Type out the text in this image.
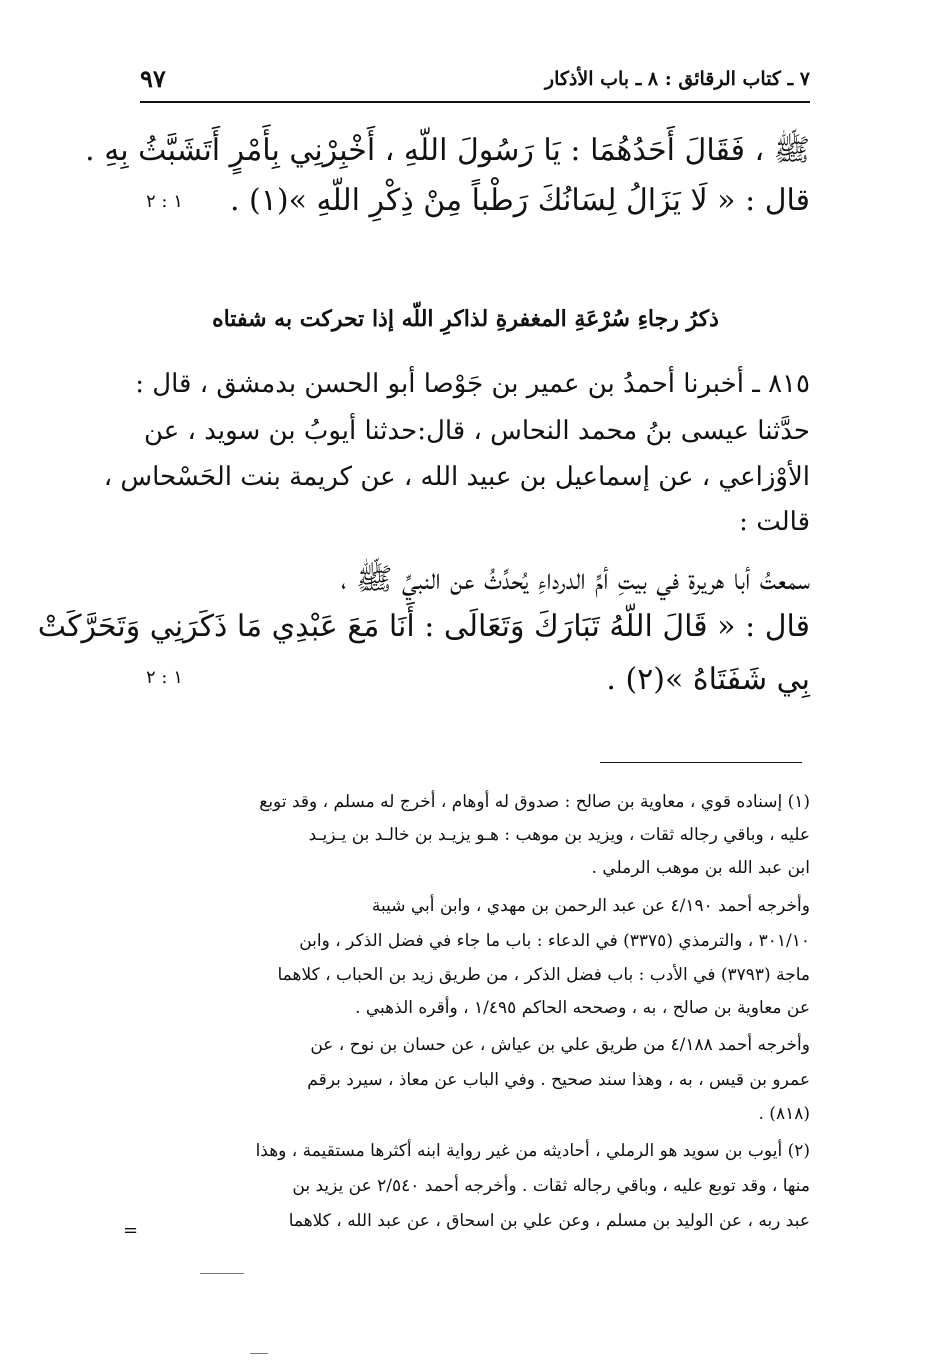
٧ ـ كتاب الرقائق : ٨ ـ باب الأذكار
٩٧
ﷺ ، فَقَالَ أَحَدُهُمَا : يَا رَسُولَ اللّهِ ، أَخْبِرْنِي بِأَمْرٍ أَتَشَبَّثُ بِهِ .
قال : « لَا يَزَالُ لِسَانُكَ رَطْباً مِنْ ذِكْرِ اللّهِ »(١) .
١ : ٢
ذكرُ رجاءِ سُرْعَةِ المغفرةِ لذاكرِ اللّه إذا تحركت به شفتاه
٨١٥ ـ أخبرنا أحمدُ بن عمير بن جَوْصا أبو الحسن بدمشق ، قال :
حدَّثنا عيسى بنُ محمد النحاس ، قال:حدثنا أيوبُ بن سويد ، عن
الأوْزاعي ، عن إسماعيل بن عبيد الله ، عن كريمة بنت الحَسْحاس ،
قالت :
سمعتُ أبا هريرة في بيتِ أمِّ الدرداءِ يُحدِّثُ عن النبيِّ ﷺ ،
قال : « قَالَ اللّهُ تَبَارَكَ وَتَعَالَى : أَنَا مَعَ عَبْدِي مَا ذَكَرَنِي وَتَحَرَّكَتْ
بِي شَفَتَاهُ »(٢) .
١ : ٢
(١) إسناده قوي ، معاوية بن صالح : صدوق له أوهام ، أخرج له مسلم ، وقد توبع
عليه ، وباقي رجاله ثقات ، ويزيد بن موهب : هـو يزيـد بن خالـد بن يـزيـد
ابن عبد الله بن موهب الرملي .
وأخرجه أحمد ٤/١٩٠ عن عبد الرحمن بن مهدي ، وابن أبي شيبة
٣٠١/١٠ ، والترمذي (٣٣٧٥) في الدعاء : باب ما جاء في فضل الذكر ، وابن
ماجة (٣٧٩٣) في الأدب : باب فضل الذكر ، من طريق زيد بن الحباب ، كلاهما
عن معاوية بن صالح ، به ، وصححه الحاكم ١/٤٩٥ ، وأقره الذهبي .
وأخرجه أحمد ٤/١٨٨ من طريق علي بن عياش ، عن حسان بن نوح ، عن
عمرو بن قيس ، به ، وهذا سند صحيح . وفي الباب عن معاذ ، سيرد برقم
(٨١٨) .
(٢) أيوب بن سويد هو الرملي ، أحاديثه من غير رواية ابنه أكثرها مستقيمة ، وهذا
منها ، وقد توبع عليه ، وباقي رجاله ثقات . وأخرجه أحمد ٢/٥٤٠ عن يزيد بن
عبد ربه ، عن الوليد بن مسلم ، وعن علي بن اسحاق ، عن عبد الله ، كلاهما
=
